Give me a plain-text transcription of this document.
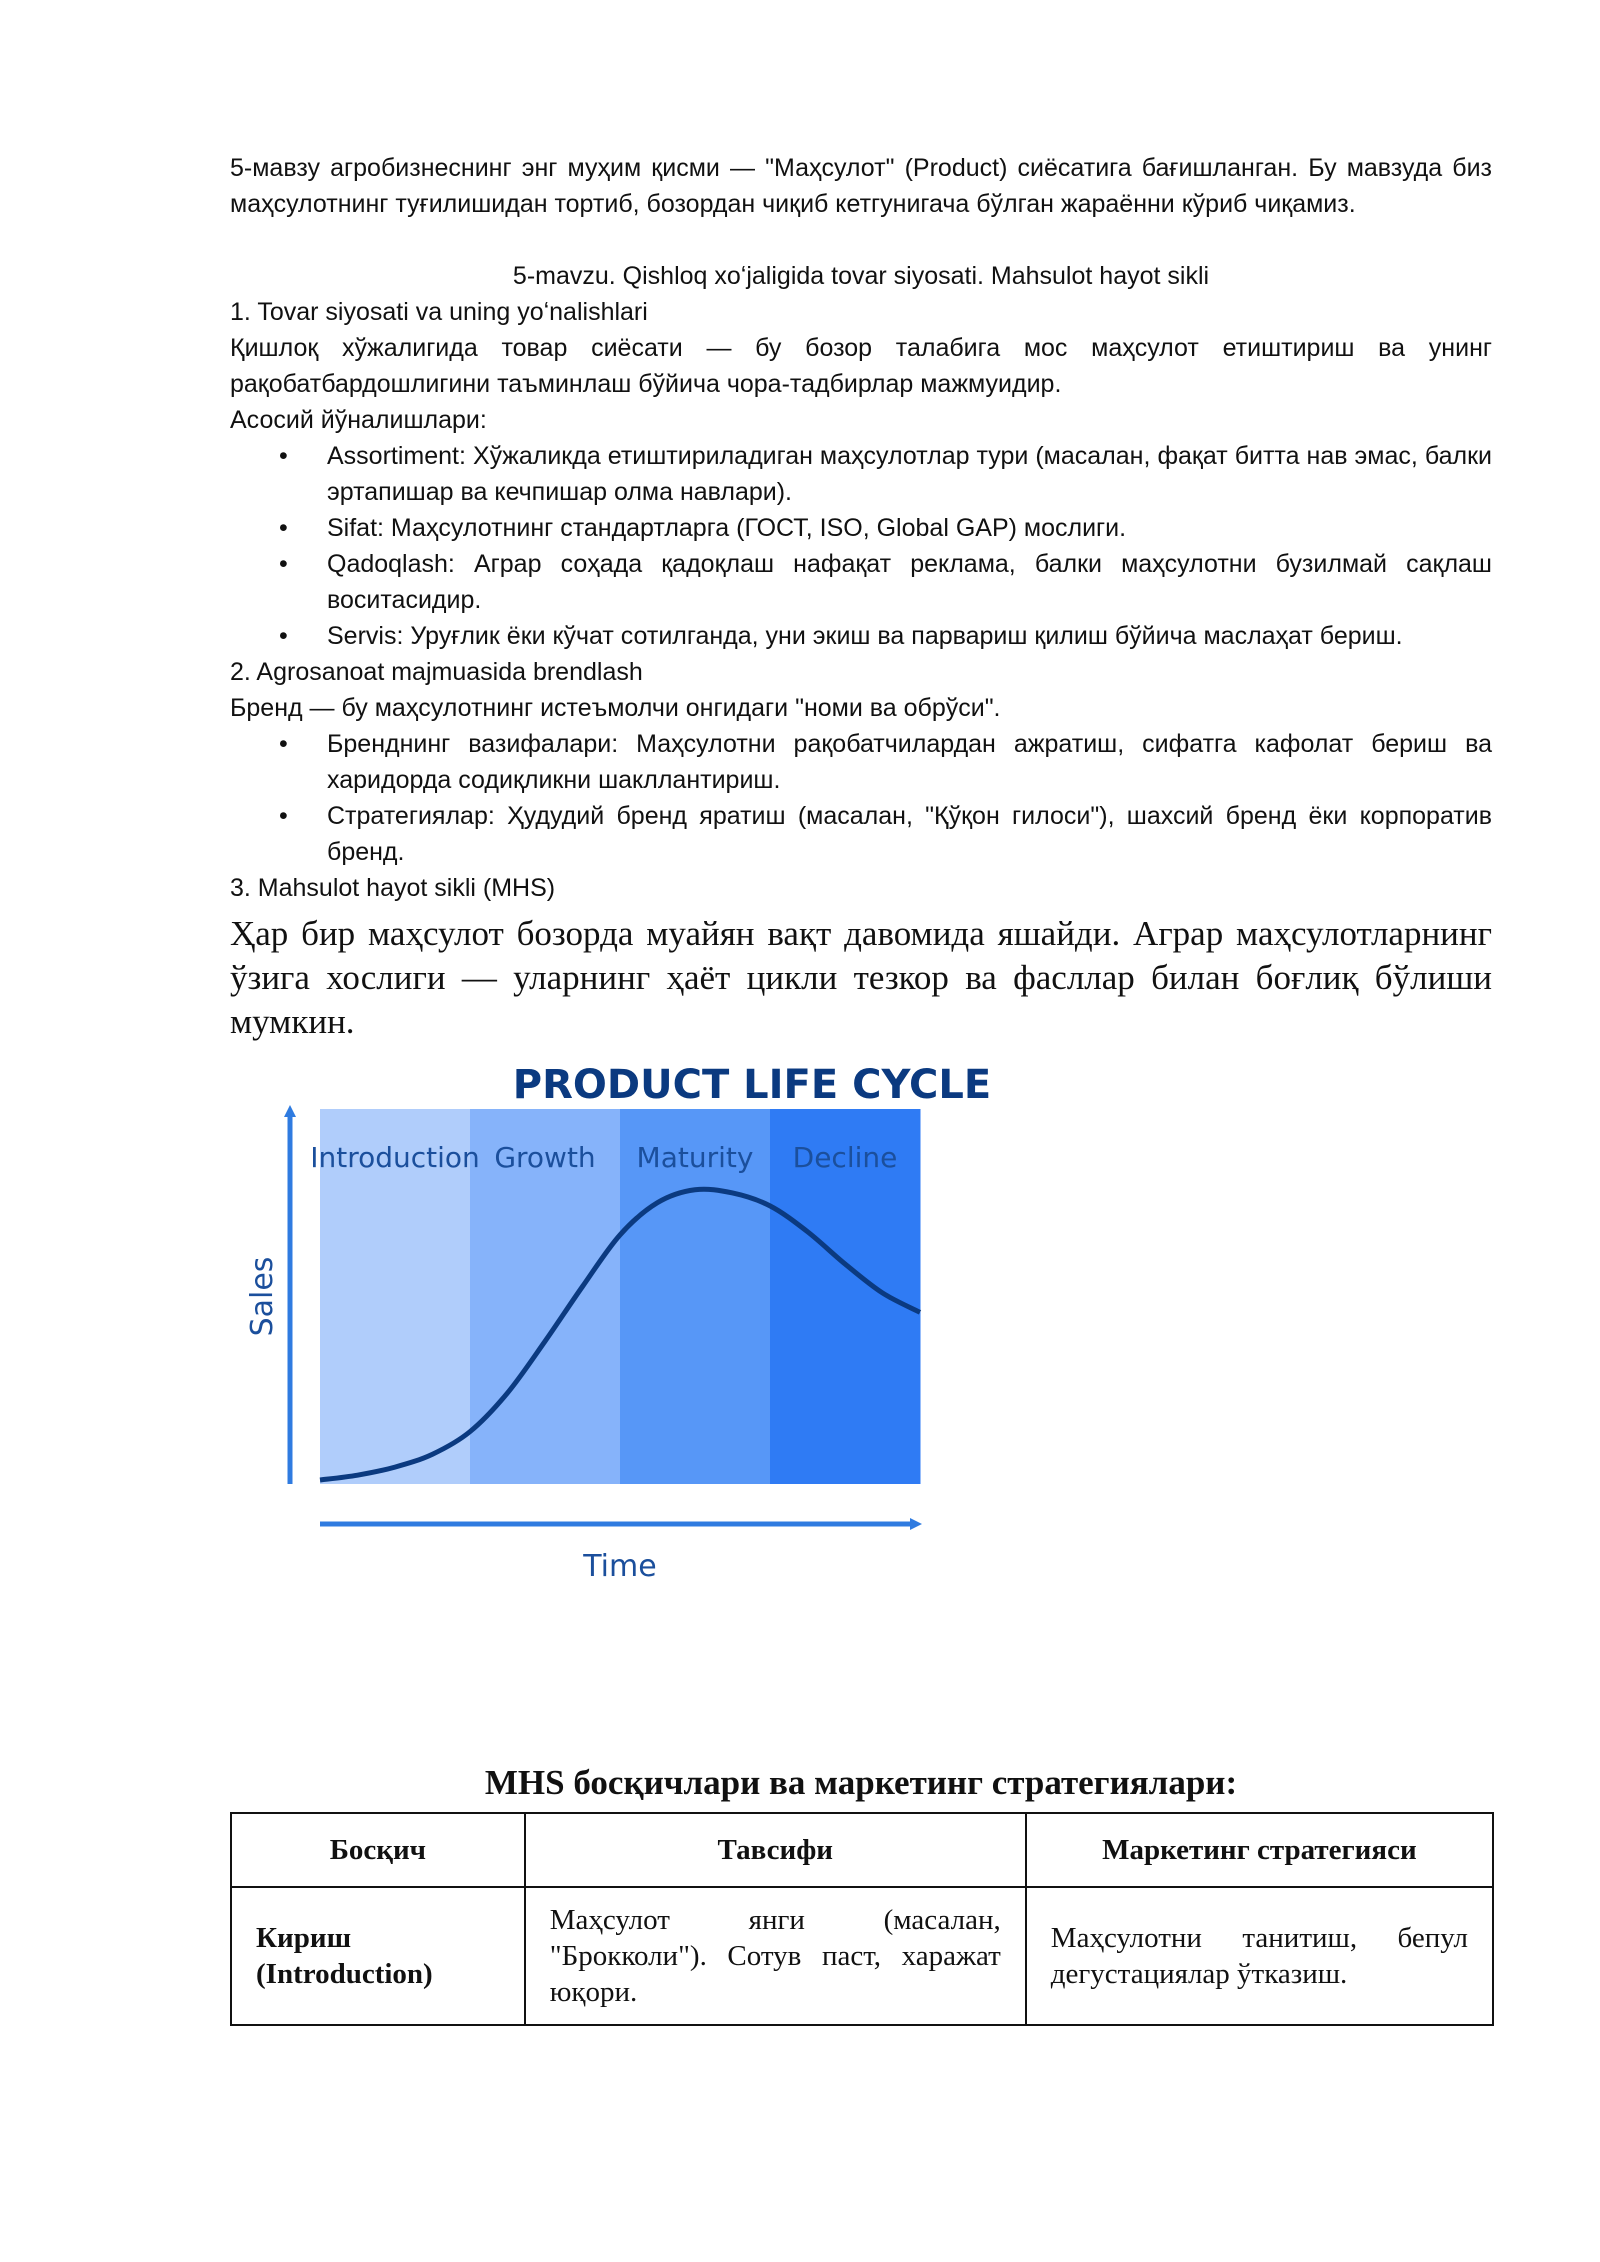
5-мавзу агробизнеснинг энг муҳим қисми — "Маҳсулот" (Product) сиёсатига бағишланган. Бу мавзуда биз маҳсулотнинг туғилишидан тортиб, бозордан чиқиб кетгунигача бўлган жараённи кўриб чиқамиз.

5-mavzu. Qishloq xoʻjaligida tovar siyosati. Mahsulot hayot sikli

1. Tovar siyosati va uning yoʻnalishlari

Қишлоқ хўжалигида товар сиёсати — бу бозор талабига мос маҳсулот етиштириш ва унинг рақобатбардошлигини таъминлаш бўйича чора-тадбирлар мажмуидир.

Асосий йўналишлари:

• Assortiment: Хўжаликда етиштириладиган маҳсулотлар тури (масалан, фақат битта нав эмас, балки эртапишар ва кечпишар олма навлари).
• Sifat: Маҳсулотнинг стандартларга (ГОСТ, ISO, Global GAP) мослиги.
• Qadoqlash: Аграр соҳада қадоқлаш нафақат реклама, балки маҳсулотни бузилмай сақлаш воситасидир.
• Servis: Уруғлик ёки кўчат сотилганда, уни экиш ва парвариш қилиш бўйича маслаҳат бериш.

2. Agrosanoat majmuasida brendlash

Бренд — бу маҳсулотнинг истеъмолчи онгидаги "номи ва обрўси".

• Бренднинг вазифалари: Маҳсулотни рақобатчилардан ажратиш, сифатга кафолат бериш ва харидорда содиқликни шакллантириш.
• Стратегиялар: Ҳудудий бренд яратиш (масалан, "Қўқон гилоси"), шахсий бренд ёки корпоратив бренд.

3. Mahsulot hayot sikli (MHS)

Ҳар бир маҳсулот бозорда муайян вақт давомида яшайди. Аграр маҳсулотларнинг ўзига хослиги — уларнинг ҳаёт цикли тезкор ва фасллар билан боғлиқ бўлиши мумкин.

PRODUCT LIFE CYCLE
Introduction Growth Maturity Decline
Sales
Time

MHS босқичлари ва маркетинг стратегиялари:

Босқич	Тавсифи	Маркетинг стратегияси
Кириш (Introduction)	Маҳсулот янги (масалан, "Брокколи"). Сотув паст, харажат юқори.	Маҳсулотни танитиш, бепул дегустациялар ўтказиш.
